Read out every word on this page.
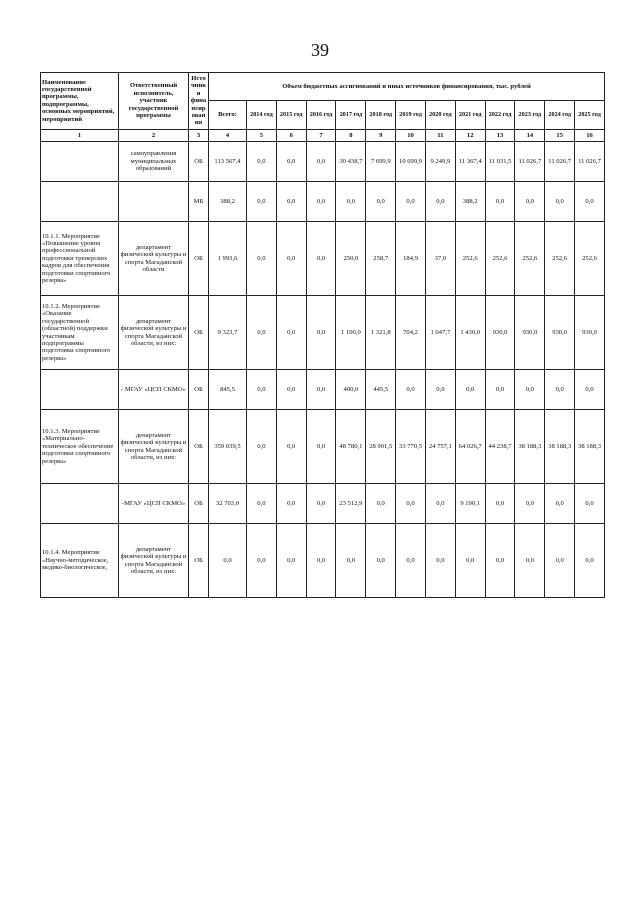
39
Наименование государственной программы, подпрограммы, основных мероприятий, мероприятий	Ответственный исполнитель, участник государственной программы	Источники финансирования	Объем бюджетных ассигнований и иных источников финансирования, тыс. рублей												
			Всего:	2014 год	2015 год	2016 год	2017 год	2018 год	2019 год	2020 год	2021 год	2022 год	2023 год	2024 год	2025 год
1	2	3	4	5	6	7	8	9	10	11	12	13	14	15	16
	самоуправления муниципальных образований	ОБ	113 567,4	0,0	0,0	0,0	30 438,7	7 699,9	10 699,9	9 249,9	11 367,4	11 031,5	11 026,7	11 026,7	11 026,7
		МБ	388,2	0,0	0,0	0,0	0,0	0,0	0,0	0,0	388,2	0,0	0,0	0,0	0,0
10.1.1. Мероприятие «Повышение уровня профессиональной подготовки тренерских кадров для обеспечения подготовки спортивного резерва»	департамент физической культуры и спорта Магаданской области	ОБ	1 993,6	0,0	0,0	0,0	250,0	258,7	184,9	37,0	252,6	252,6	252,6	252,6	252,6
10.1.2. Мероприятие «Оказание государственной (областной) поддержки участникам подпрограммы подготовки спортивного резерва»	департамент физической культуры и спорта Магаданской области, из них:	ОБ	9 323,7	0,0	0,0	0,0	1 100,0	1 321,8	704,2	1 047,7	1 430,0	930,0	930,0	930,0	930,0
	- МГАУ «ЦСП СКМО»	ОБ	845,5	0,0	0,0	0,0	400,0	445,5	0,0	0,0	0,0	0,0	0,0	0,0	0,0
10.1.3. Мероприятие «Материально-техническое обеспечение подготовки спортивного резерва»	департамент физической культуры и спорта Магаданской области, из них:	ОБ	359 039,5	0,0	0,0	0,0	48 780,1	28 901,5	33 770,5	24 757,1	64 026,7	44 238,7	38 188,3	38 188,3	38 188,3
	-МГАУ «ЦСП СКМО»	ОБ	32 703,0	0,0	0,0	0,0	23 512,9	0,0	0,0	0,0	9 190,1	0,0	0,0	0,0	0,0
10.1.4. Мероприятие «Научно-методическое, медико-биологическое,	департамент физической культуры и спорта Магаданской области, из них:	ОБ	0,0	0,0	0,0	0,0	0,0	0,0	0,0	0,0	0,0	0,0	0,0	0,0	0,0
